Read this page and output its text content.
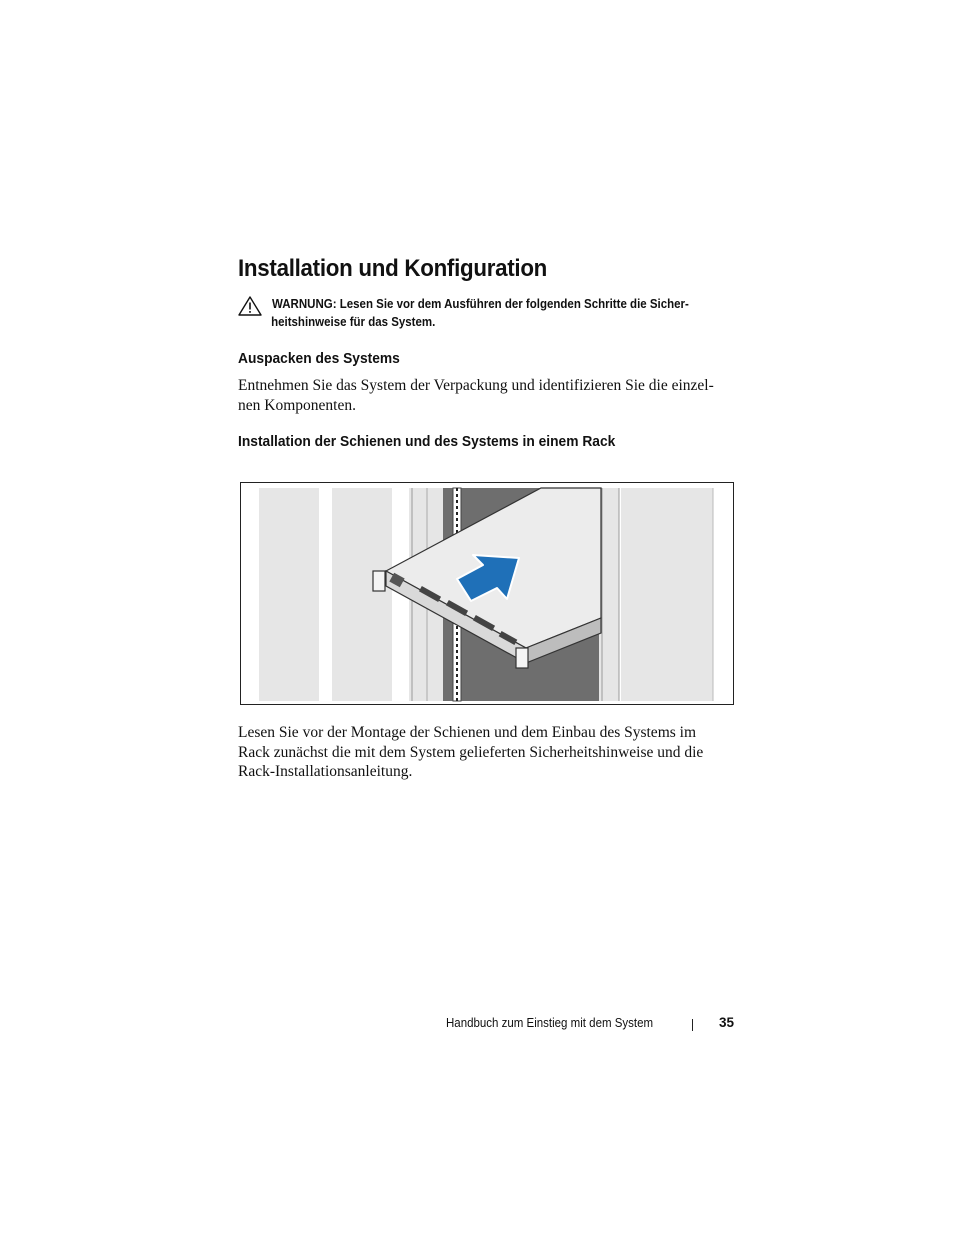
Installation und Konfiguration
WARNUNG: Lesen Sie vor dem Ausführen der folgenden Schritte die Sicher-
heitshinweise für das System.
Auspacken des Systems

Entnehmen Sie das System der Verpackung und identifizieren Sie die einzel-
nen Komponenten.

Installation der Schienen und des Systems in einem Rack

Lesen Sie vor der Montage der Schienen und dem Einbau des Systems im
Rack zunächst die mit dem System gelieferten Sicherheitshinweise und die
Rack-Installationsanleitung.

Handbuch zum Einstieg mit dem System	35
